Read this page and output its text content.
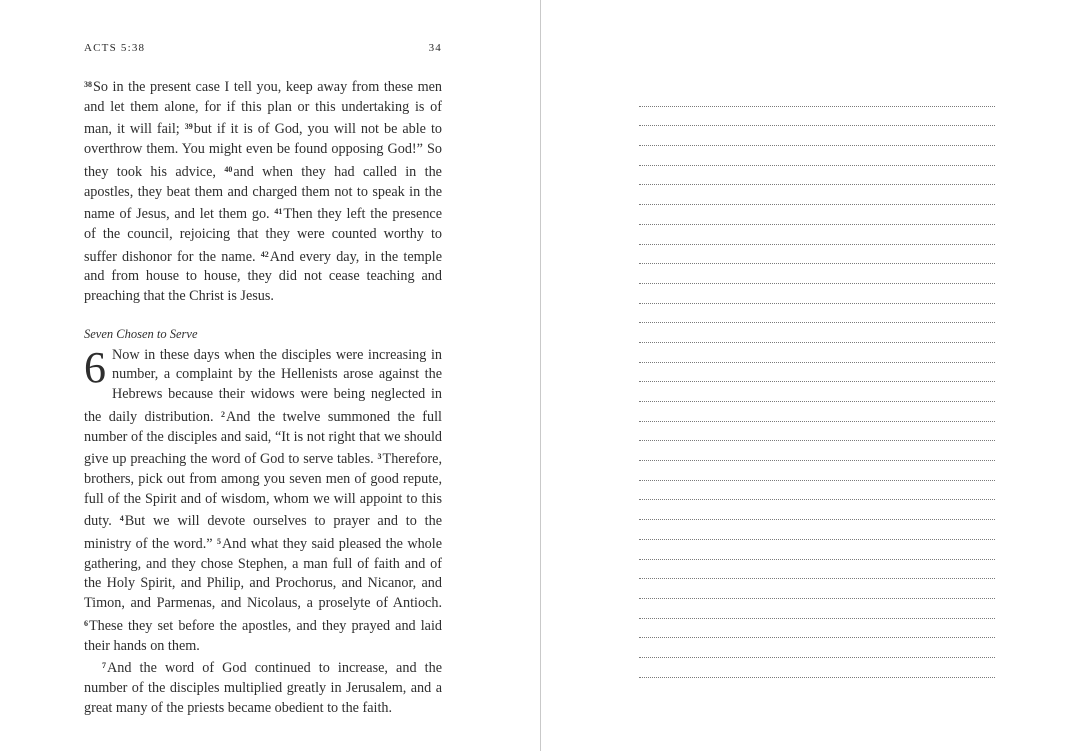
ACTS 5:38	34

$^{38}$So in the present case I tell you, keep away from these men and let them alone, for if this plan or this undertaking is of man, it will fail; $^{39}$but if it is of God, you will not be able to overthrow them. You might even be found opposing God!” So they took his advice, $^{40}$and when they had called in the apostles, they beat them and charged them not to speak in the name of Jesus, and let them go. $^{41}$Then they left the presence of the council, rejoicing that they were counted worthy to suffer dishonor for the name. $^{42}$And every day, in the temple and from house to house, they did not cease teaching and preaching that the Christ is Jesus.

Seven Chosen to Serve

6 Now in these days when the disciples were increasing in number, a complaint by the Hellenists arose against the Hebrews because their widows were being neglected in the daily distribution. $^2$And the twelve summoned the full number of the disciples and said, “It is not right that we should give up preaching the word of God to serve tables. $^3$Therefore, brothers, pick out from among you seven men of good repute, full of the Spirit and of wisdom, whom we will appoint to this duty. $^4$But we will devote ourselves to prayer and to the ministry of the word.” $^5$And what they said pleased the whole gathering, and they chose Stephen, a man full of faith and of the Holy Spirit, and Philip, and Prochorus, and Nicanor, and Timon, and Parmenas, and Nicolaus, a proselyte of Antioch. $^6$These they set before the apostles, and they prayed and laid their hands on them.

$^7$And the word of God continued to increase, and the number of the disciples multiplied greatly in Jerusalem, and a great many of the priests became obedient to the faith.
